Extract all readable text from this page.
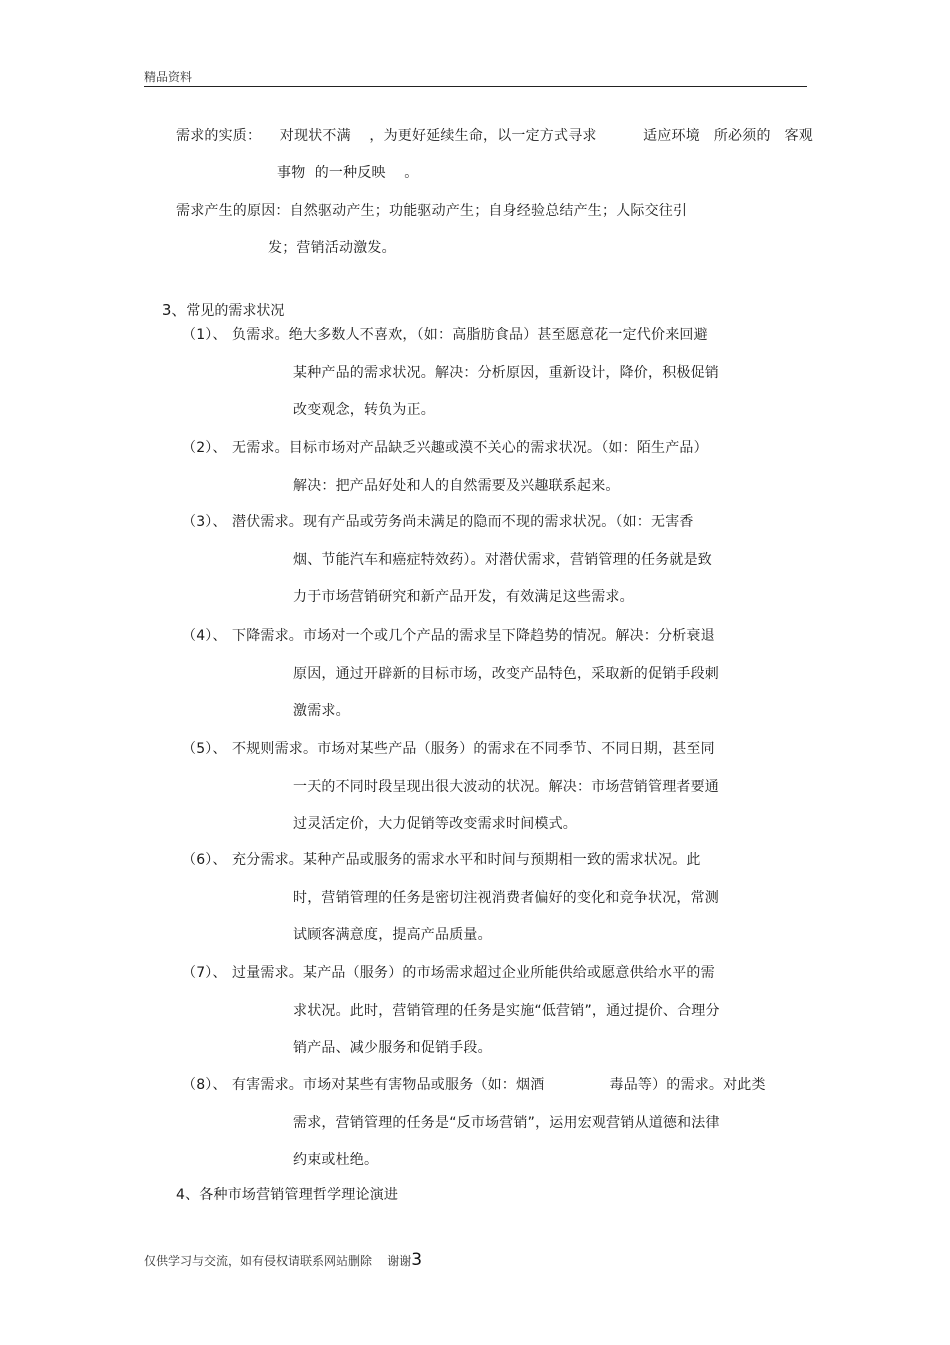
精品资料
需求的实质：    对现状不满    ，为更好延续生命，以一定方式寻求          适应环境   所必须的   客观
事物  的一种反映    。
需求产生的原因：自然驱动产生；功能驱动产生；自身经验总结产生；人际交往引
发；营销活动激发。

3、常见的需求状况

（1）、 负需求。绝大多数人不喜欢，（如：高脂肪食品）甚至愿意花一定代价来回避
某种产品的需求状况。解决：分析原因，重新设计，降价，积极促销
改变观念，转负为正。
（2）、 无需求。目标市场对产品缺乏兴趣或漠不关心的需求状况。（如：陌生产品）
解决：把产品好处和人的自然需要及兴趣联系起来。
（3）、 潜伏需求。现有产品或劳务尚未满足的隐而不现的需求状况。（如：无害香
烟、节能汽车和癌症特效药）。对潜伏需求，营销管理的任务就是致
力于市场营销研究和新产品开发，有效满足这些需求。
（4）、 下降需求。市场对一个或几个产品的需求呈下降趋势的情况。解决：分析衰退
原因，通过开辟新的目标市场，改变产品特色，采取新的促销手段刺
激需求。
（5）、 不规则需求。市场对某些产品（服务）的需求在不同季节、不同日期，甚至同
一天的不同时段呈现出很大波动的状况。解决：市场营销管理者要通
过灵活定价，大力促销等改变需求时间模式。
（6）、 充分需求。某种产品或服务的需求水平和时间与预期相一致的需求状况。此
时，营销管理的任务是密切注视消费者偏好的变化和竞争状况，常测
试顾客满意度，提高产品质量。
（7）、 过量需求。某产品（服务）的市场需求超过企业所能供给或愿意供给水平的需
求状况。此时，营销管理的任务是实施“低营销”，通过提价、合理分
销产品、减少服务和促销手段。
（8）、 有害需求。市场对某些有害物品或服务（如：烟酒              毒品等）的需求。对此类
需求，营销管理的任务是“反市场营销”，运用宏观营销从道德和法律
约束或杜绝。
4、各种市场营销管理哲学理论演进
仅供学习与交流，如有侵权请联系网站删除    谢谢3
